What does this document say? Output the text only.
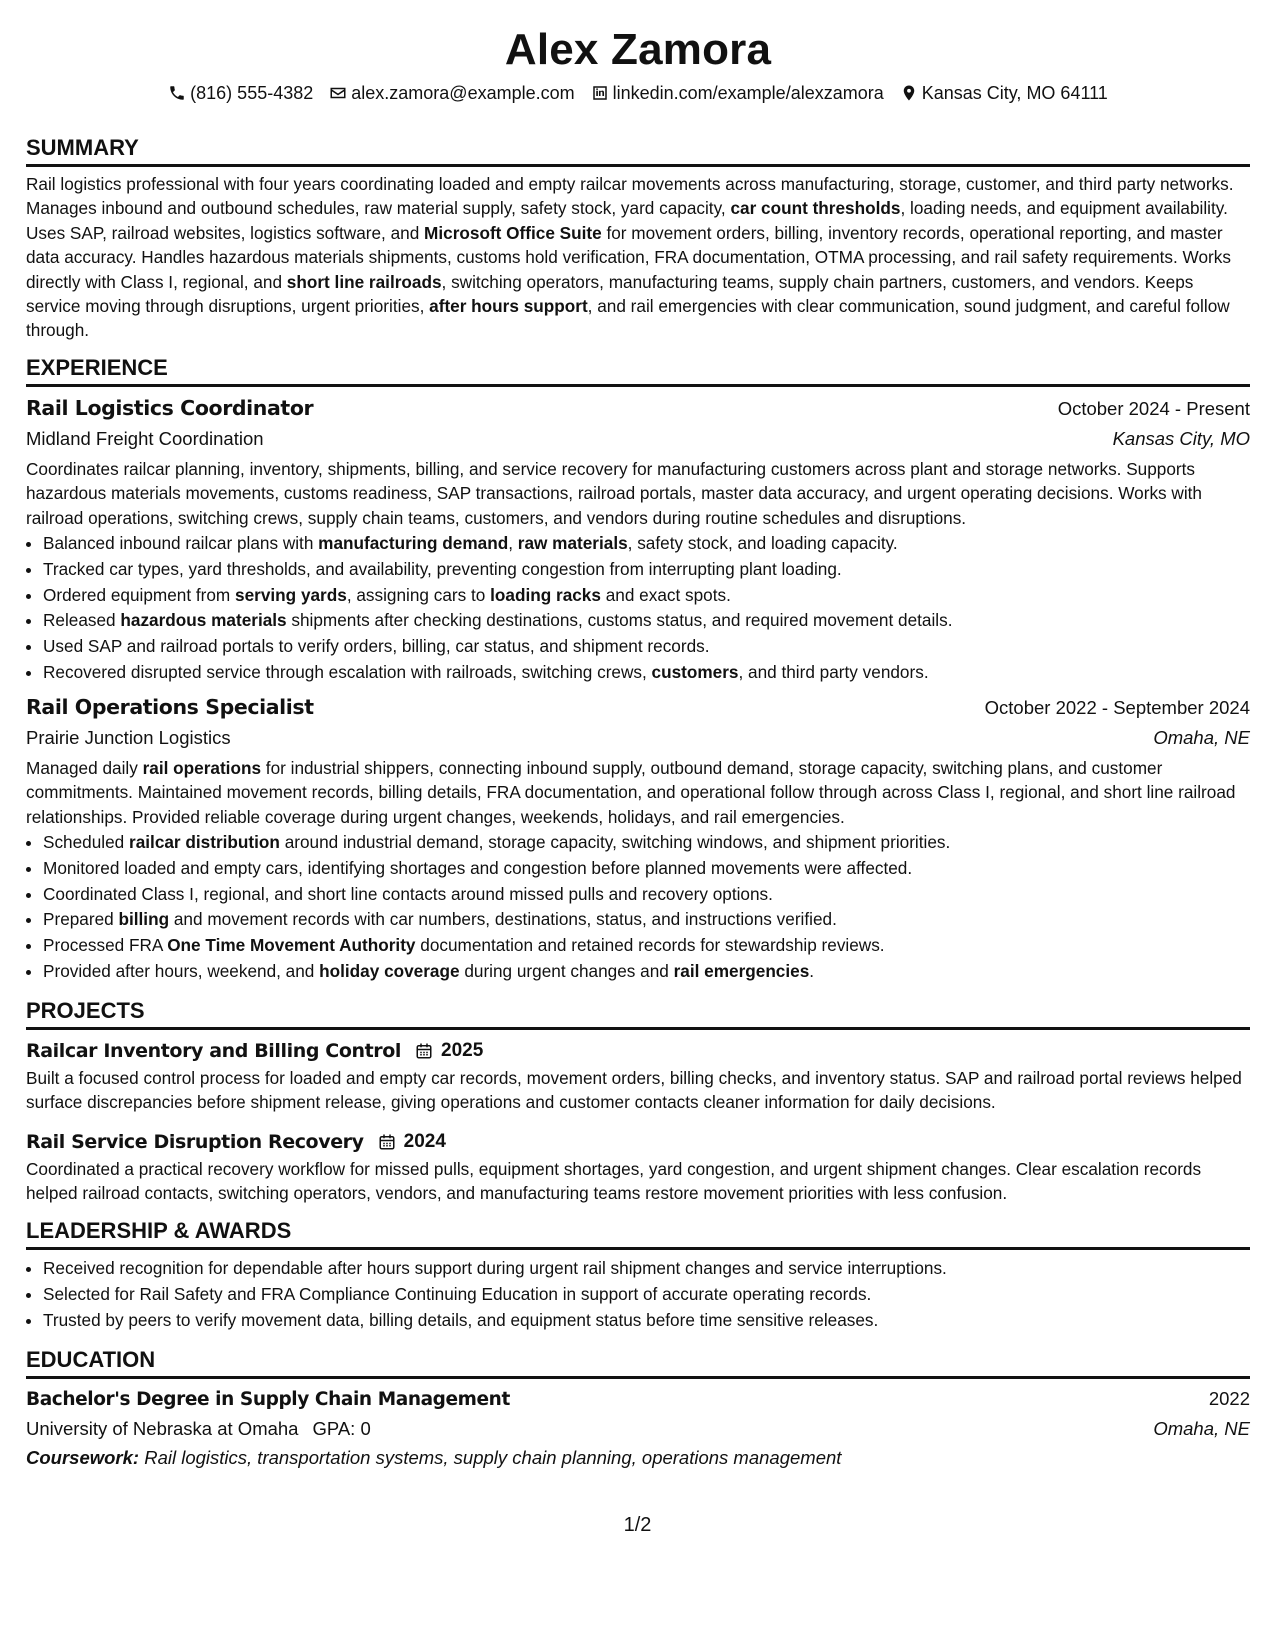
Alex Zamora
(816) 555-4382 alex.zamora@example.com linkedin.com/example/alexzamora Kansas City, MO 64111
SUMMARY

Rail logistics professional with four years coordinating loaded and empty railcar movements across manufacturing, storage, customer, and third party networks. Manages inbound and outbound schedules, raw material supply, safety stock, yard capacity, car count thresholds, loading needs, and equipment availability. Uses SAP, railroad websites, logistics software, and Microsoft Office Suite for movement orders, billing, inventory records, operational reporting, and master data accuracy. Handles hazardous materials shipments, customs hold verification, FRA documentation, OTMA processing, and rail safety requirements. Works directly with Class I, regional, and short line railroads, switching operators, manufacturing teams, supply chain partners, customers, and vendors. Keeps service moving through disruptions, urgent priorities, after hours support, and rail emergencies with clear communication, sound judgment, and careful follow through.

EXPERIENCE
Rail Logistics Coordinator	October 2024 - Present
Midland Freight Coordination	Kansas City, MO

Coordinates railcar planning, inventory, shipments, billing, and service recovery for manufacturing customers across plant and storage networks. Supports hazardous materials movements, customs readiness, SAP transactions, railroad portals, master data accuracy, and urgent operating decisions. Works with railroad operations, switching crews, supply chain teams, customers, and vendors during routine schedules and disruptions.

• Balanced inbound railcar plans with manufacturing demand, raw materials, safety stock, and loading capacity.
• Tracked car types, yard thresholds, and availability, preventing congestion from interrupting plant loading.
• Ordered equipment from serving yards, assigning cars to loading racks and exact spots.
• Released hazardous materials shipments after checking destinations, customs status, and required movement details.
• Used SAP and railroad portals to verify orders, billing, car status, and shipment records.
• Recovered disrupted service through escalation with railroads, switching crews, customers, and third party vendors.
Rail Operations Specialist	October 2022 - September 2024
Prairie Junction Logistics	Omaha, NE

Managed daily rail operations for industrial shippers, connecting inbound supply, outbound demand, storage capacity, switching plans, and customer commitments. Maintained movement records, billing details, FRA documentation, and operational follow through across Class I, regional, and short line railroad relationships. Provided reliable coverage during urgent changes, weekends, holidays, and rail emergencies.

• Scheduled railcar distribution around industrial demand, storage capacity, switching windows, and shipment priorities.
• Monitored loaded and empty cars, identifying shortages and congestion before planned movements were affected.
• Coordinated Class I, regional, and short line contacts around missed pulls and recovery options.
• Prepared billing and movement records with car numbers, destinations, status, and instructions verified.
• Processed FRA One Time Movement Authority documentation and retained records for stewardship reviews.
• Provided after hours, weekend, and holiday coverage during urgent changes and rail emergencies.
PROJECTS
Railcar Inventory and Billing Control 2025

Built a focused control process for loaded and empty car records, movement orders, billing checks, and inventory status. SAP and railroad portal reviews helped surface discrepancies before shipment release, giving operations and customer contacts cleaner information for daily decisions.

Rail Service Disruption Recovery 2024

Coordinated a practical recovery workflow for missed pulls, equipment shortages, yard congestion, and urgent shipment changes. Clear escalation records helped railroad contacts, switching operators, vendors, and manufacturing teams restore movement priorities with less confusion.

LEADERSHIP & AWARDS
• Received recognition for dependable after hours support during urgent rail shipment changes and service interruptions.
• Selected for Rail Safety and FRA Compliance Continuing Education in support of accurate operating records.
• Trusted by peers to verify movement data, billing details, and equipment status before time sensitive releases.
EDUCATION
Bachelor's Degree in Supply Chain Management	2022
University of Nebraska at Omaha GPA: 0	Omaha, NE
Coursework: Rail logistics, transportation systems, supply chain planning, operations management
1/2
